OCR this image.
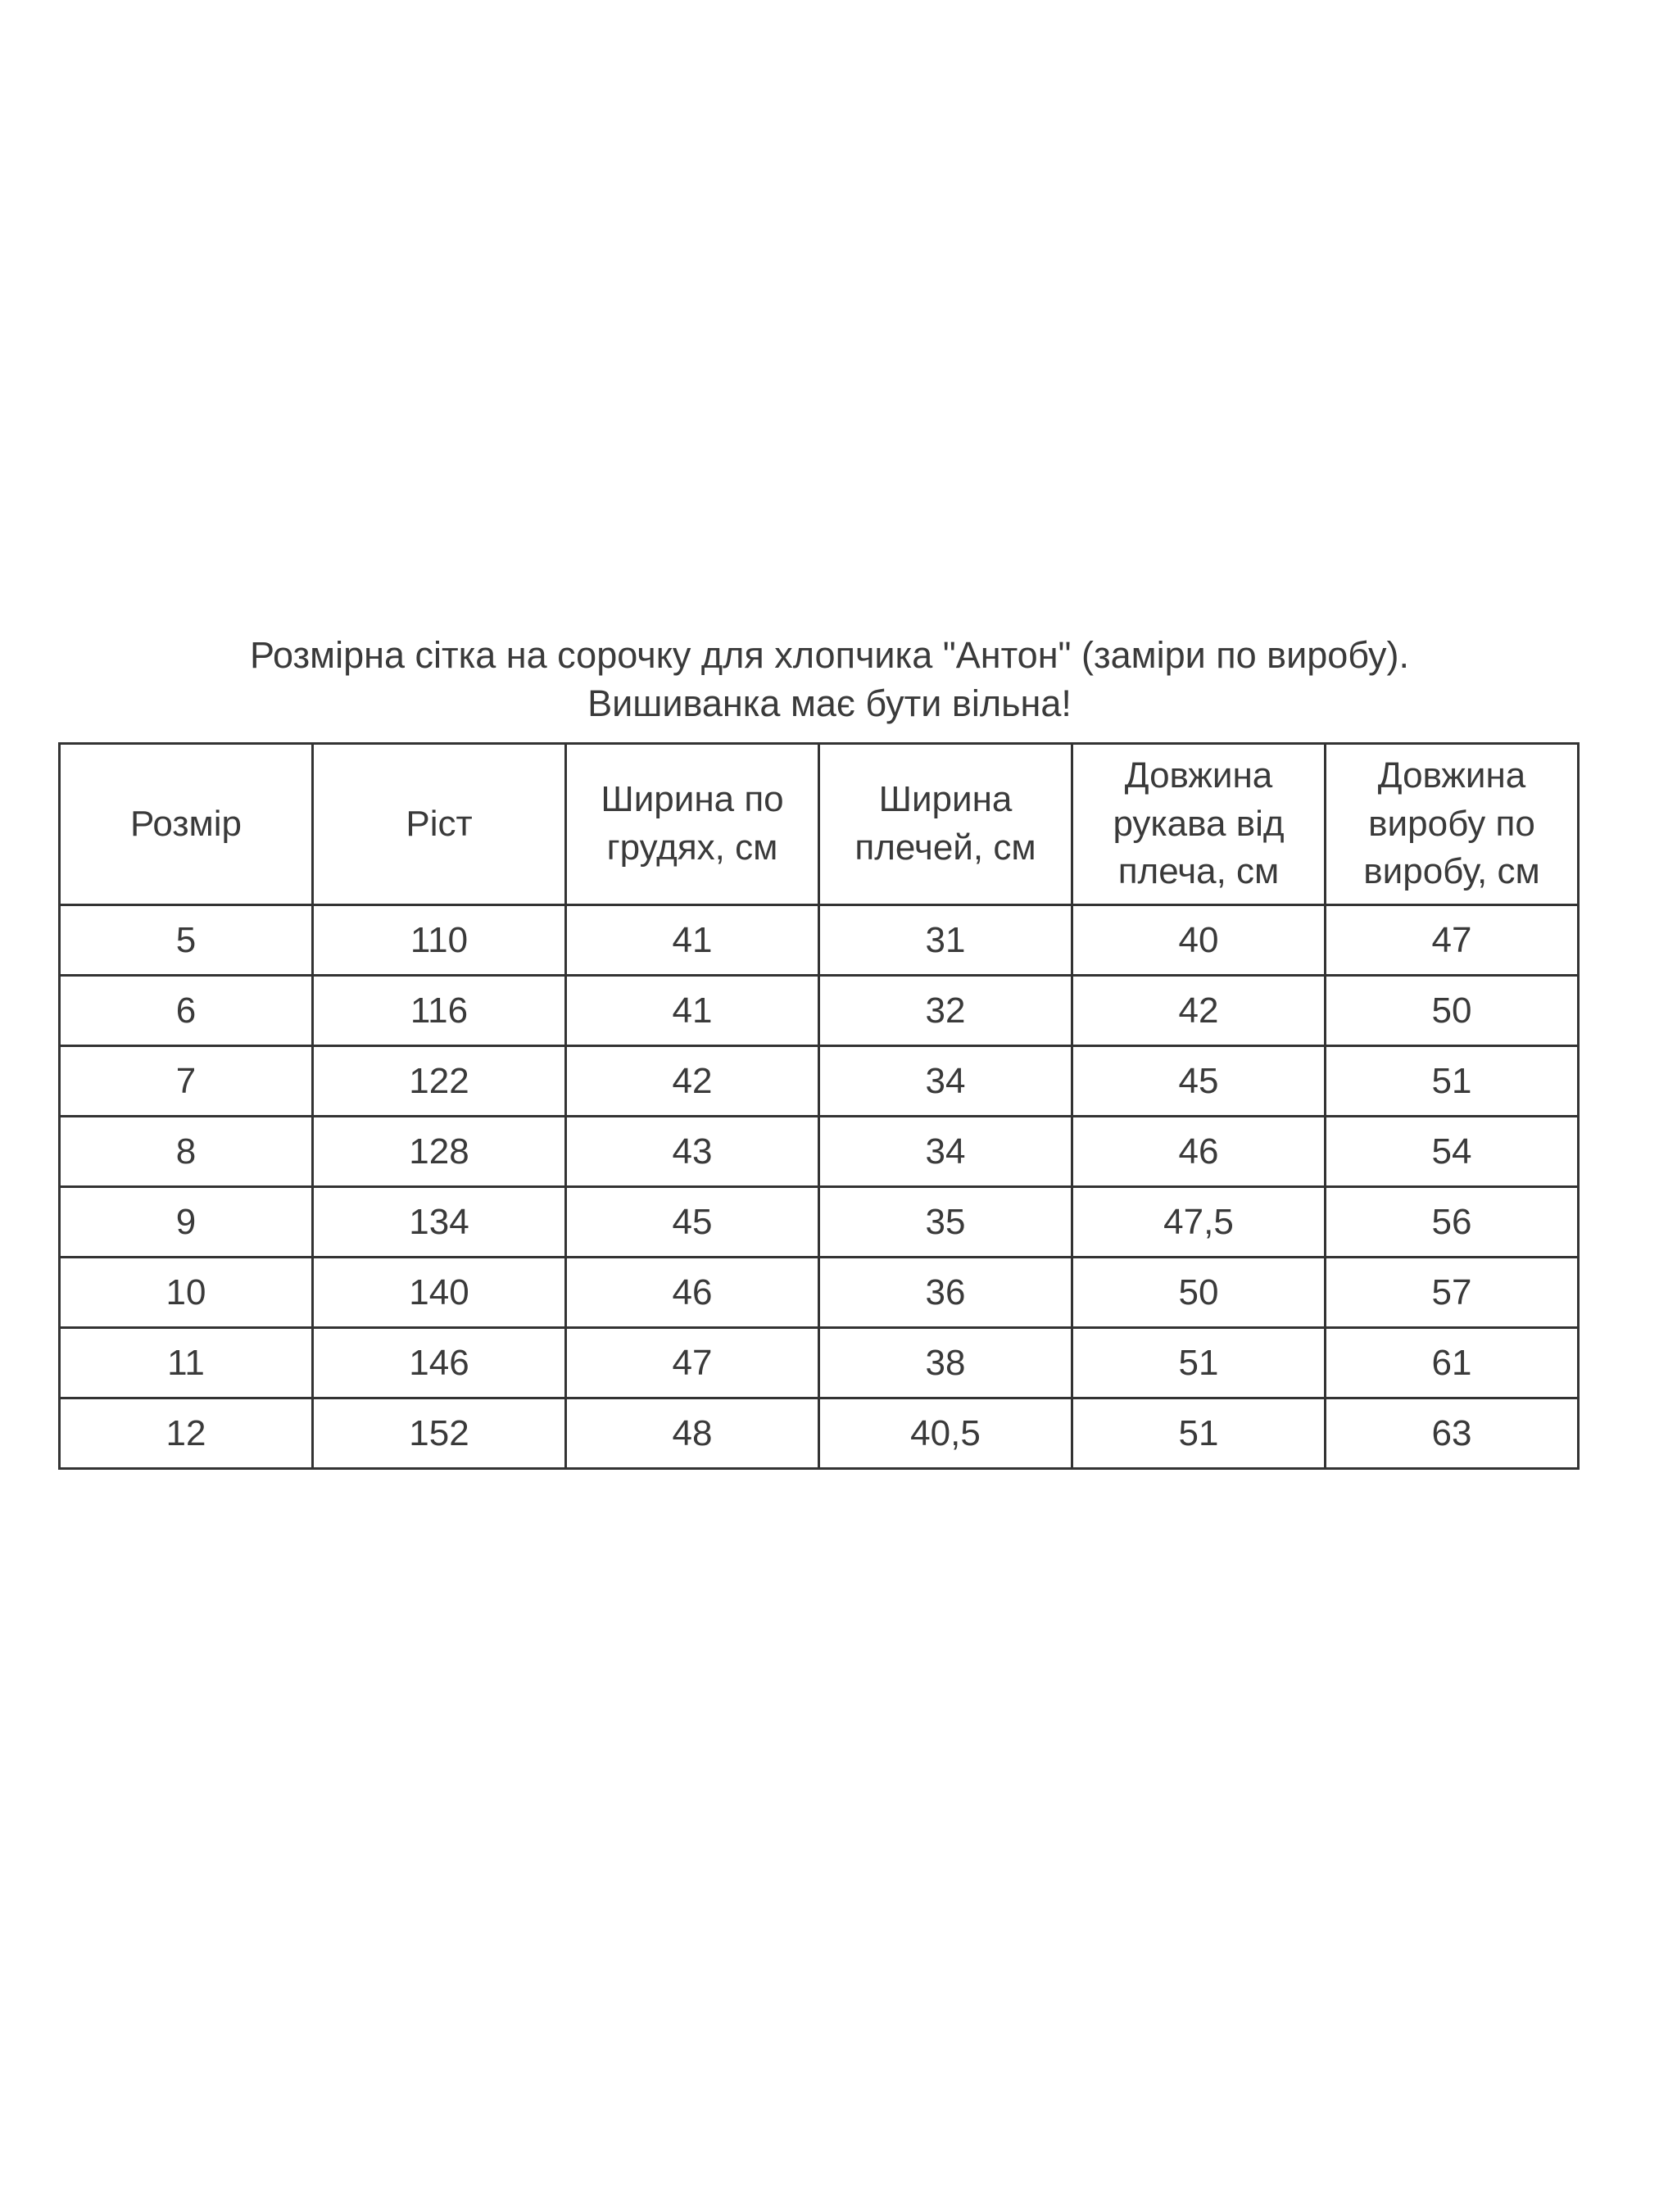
Розмірна сітка на сорочку для хлопчика "Антон" (заміри по виробу).
Вишиванка має бути вільна!
Розмір	Ріст	Ширина по грудях, см	Ширина плечей, см	Довжина рукава від плеча, см	Довжина виробу по виробу, см
5	110	41	31	40	47
6	116	41	32	42	50
7	122	42	34	45	51
8	128	43	34	46	54
9	134	45	35	47,5	56
10	140	46	36	50	57
11	146	47	38	51	61
12	152	48	40,5	51	63
